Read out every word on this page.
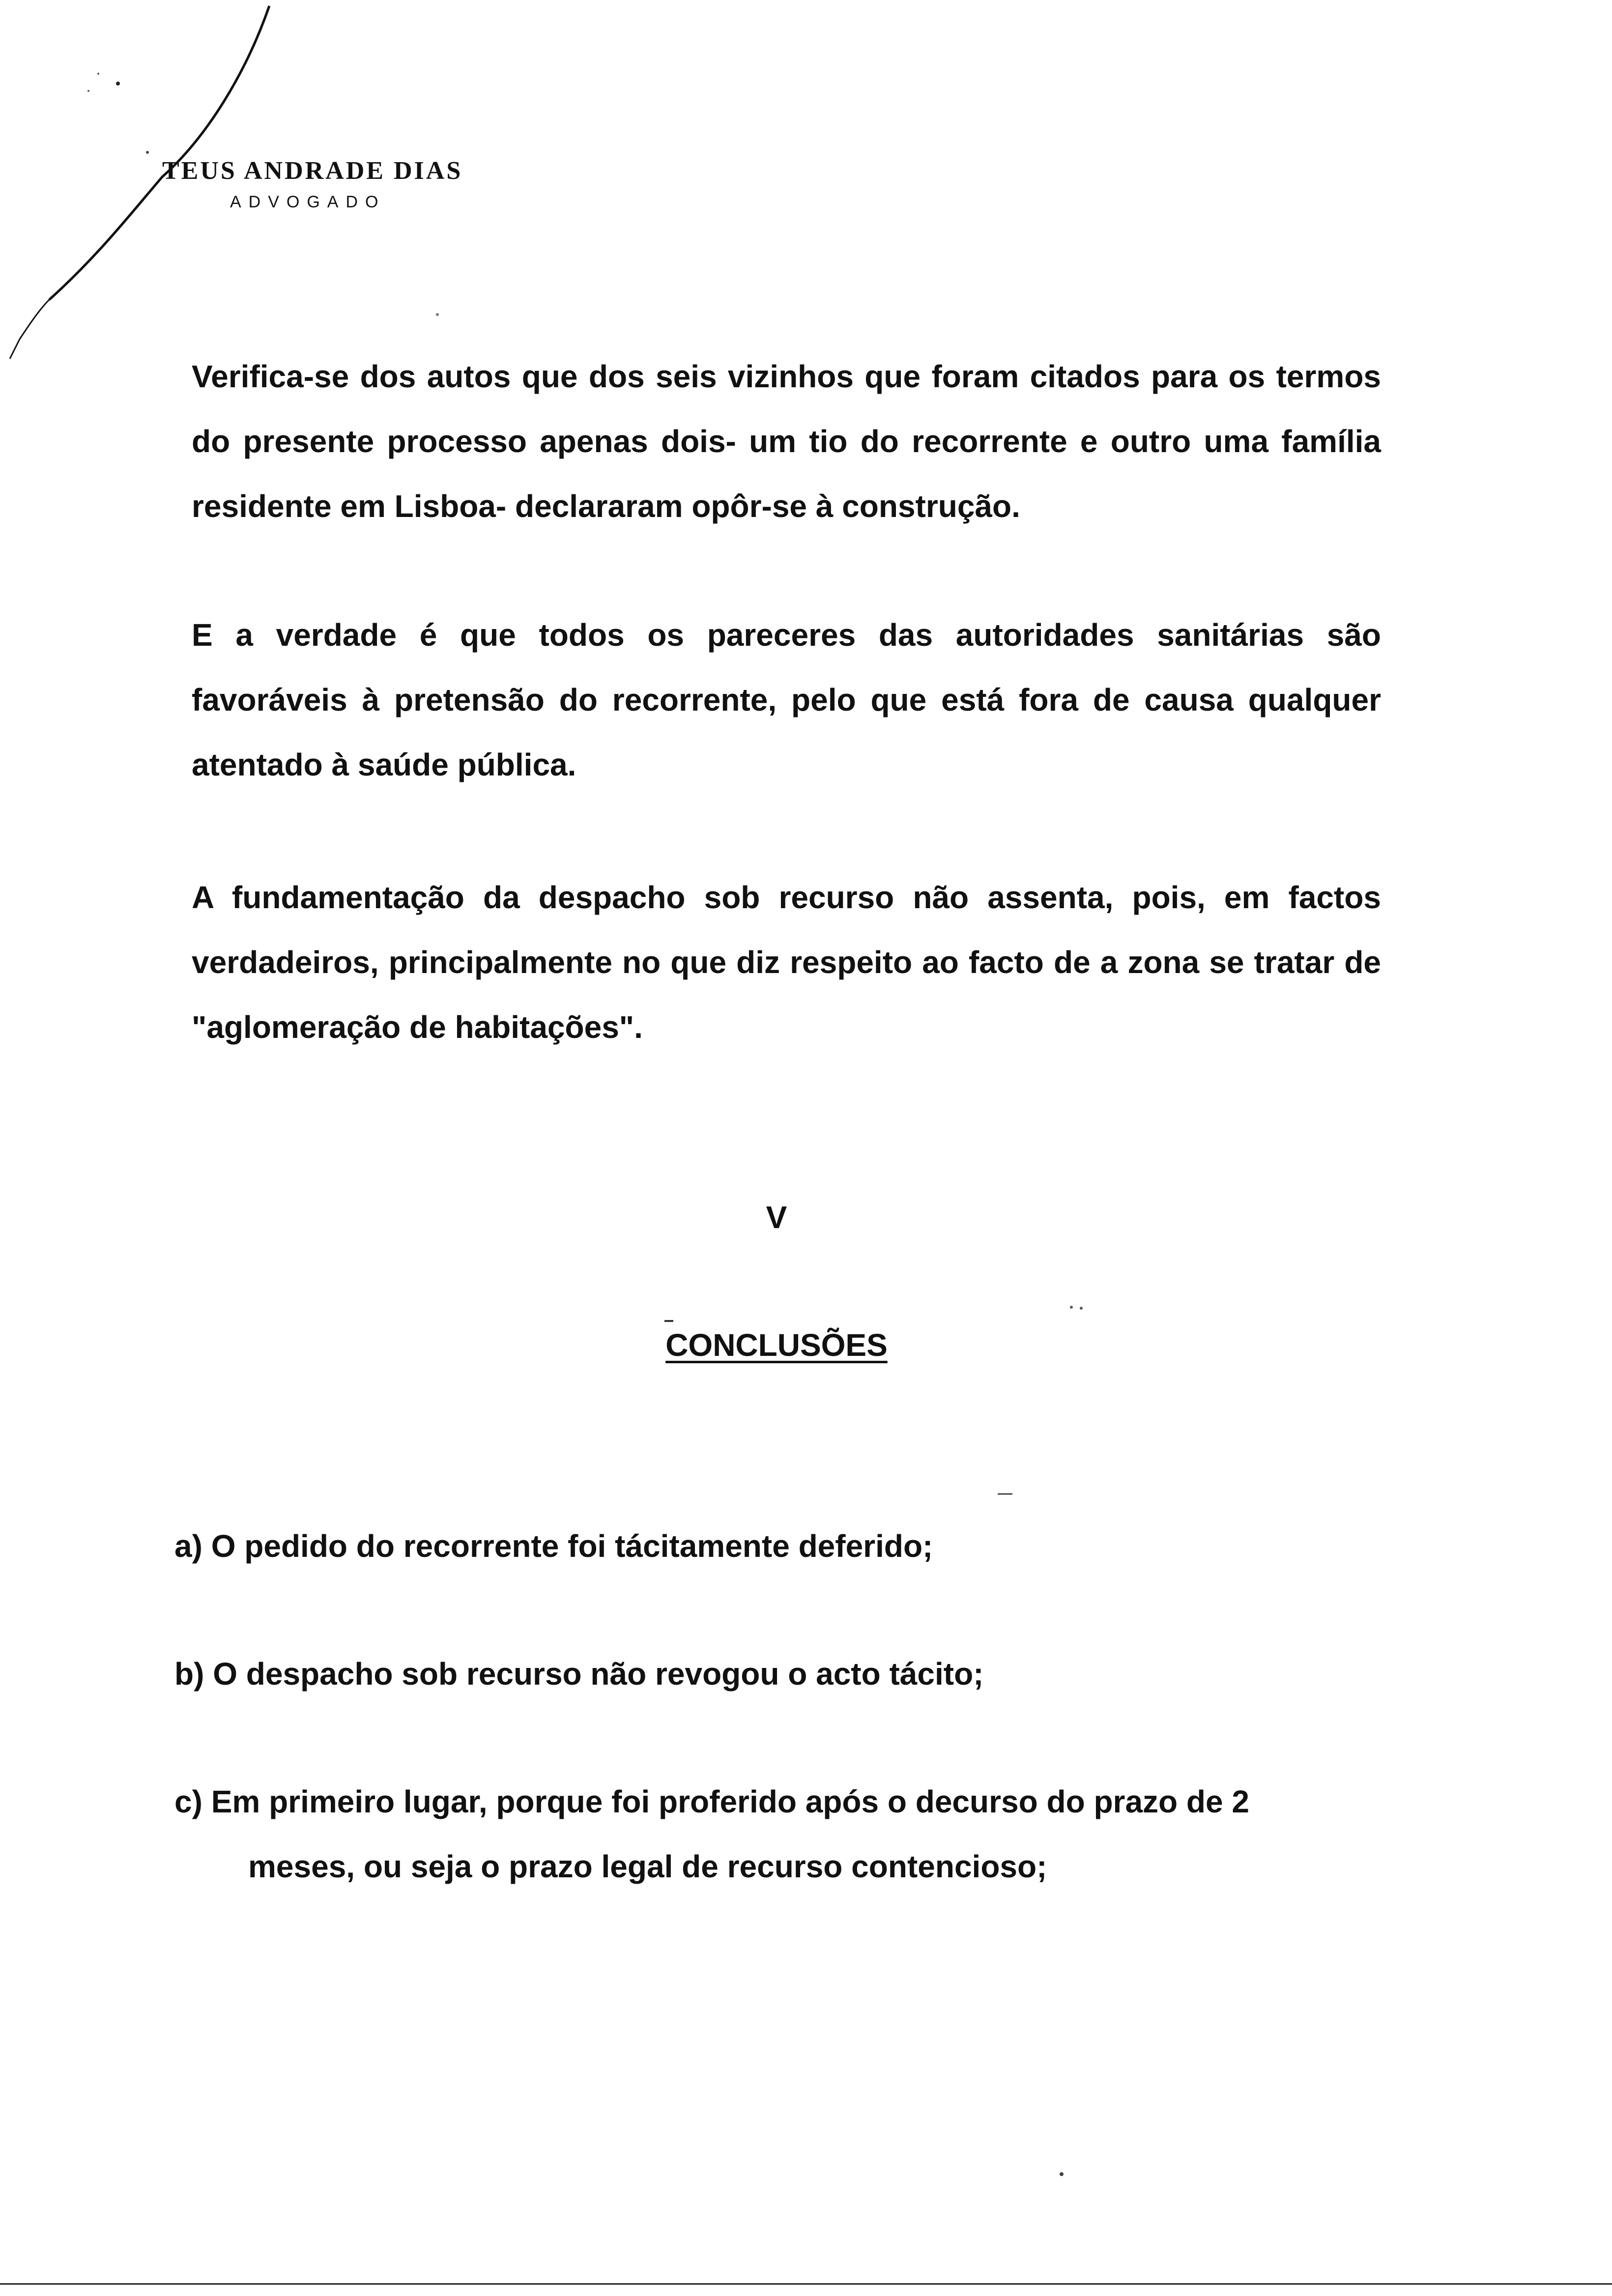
TEUS ANDRADE DIAS
ADVOGADO

Verifica-se dos autos que dos seis vizinhos que foram citados para os termos do presente processo apenas dois- um tio do recorrente e outro uma família residente em Lisboa- declararam opôr-se à construção.

E a verdade é que todos os pareceres das autoridades sanitárias são favoráveis à pretensão do recorrente, pelo que está fora de causa qualquer atentado à saúde pública.

A fundamentação da despacho sob recurso não assenta, pois, em factos verdadeiros, principalmente no que diz respeito ao facto de a zona se tratar de "aglomeração de habitações".

V
CONCLUSÕES

a) O pedido do recorrente foi tácitamente deferido;

b) O despacho sob recurso não revogou o acto tácito;

c) Em primeiro lugar, porque foi proferido após o decurso do prazo de 2

meses, ou seja o prazo legal de recurso contencioso;
